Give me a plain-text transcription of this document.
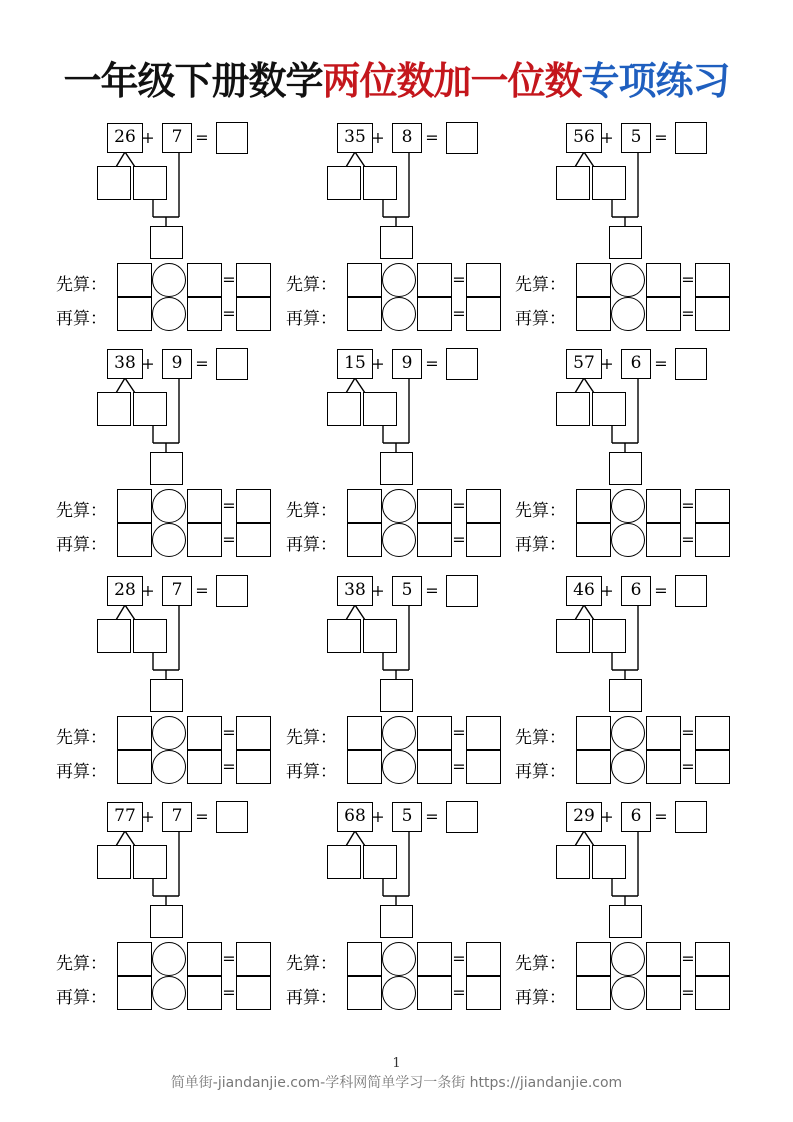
一年级下册数学两位数加一位数专项练习
26 + 7 =
先算：	=
再算：	=
35 + 8 =
先算：	=
再算：	=
56 + 5 =
先算：	=
再算：	=
38 + 9 =
先算：	=
再算：	=
15 + 9 =
先算：	=
再算：	=
57 + 6 =
先算：	=
再算：	=
28 + 7 =
先算：	=
再算：	=
38 + 5 =
先算：	=
再算：	=
46 + 6 =
先算：	=
再算：	=
77 + 7 =
先算：	=
再算：	=
68 + 5 =
先算：	=
再算：	=
29 + 6 =
先算：	=
再算：	=
1
简单街-jiandanjie.com-学科网简单学习一条街 https://jiandanjie.com
